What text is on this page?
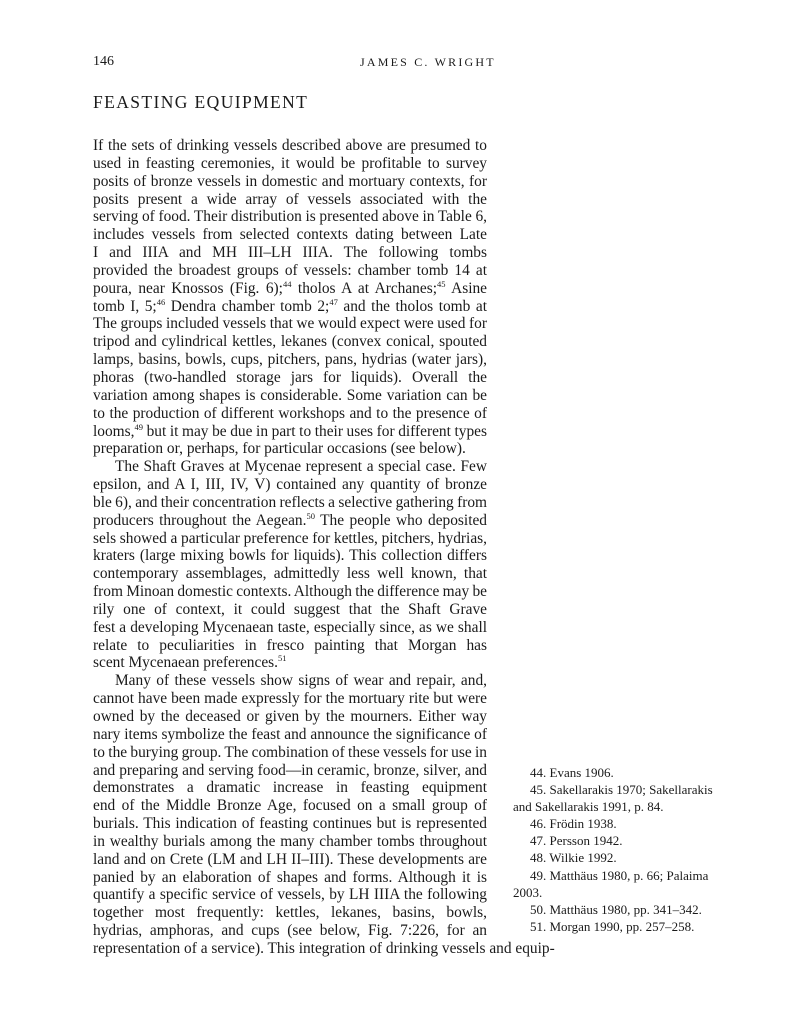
146	JAMES C. WRIGHT
FEASTING EQUIPMENT
If the sets of drinking vessels described above are presumed to
used in feasting ceremonies, it would be profitable to survey
posits of bronze vessels in domestic and mortuary contexts, for
posits present a wide array of vessels associated with the
serving of food. Their distribution is presented above in Table 6,
includes vessels from selected contexts dating between Late
I and IIIA and MH III–LH IIIA. The following tombs
provided the broadest groups of vessels: chamber tomb 14 at
poura, near Knossos (Fig. 6);$^{44}$ tholos A at Archanes;$^{45}$ Asine
tomb I, 5;$^{46}$ Dendra chamber tomb 2;$^{47}$ and the tholos tomb at
The groups included vessels that we would expect were used for
tripod and cylindrical kettles, lekanes (convex conical, spouted
lamps, basins, bowls, cups, pitchers, pans, hydrias (water jars),
phoras (two-handled storage jars for liquids). Overall the
variation among shapes is considerable. Some variation can be
to the production of different workshops and to the presence of
looms,$^{49}$ but it may be due in part to their uses for different types
preparation or, perhaps, for particular occasions (see below).
The Shaft Graves at Mycenae represent a special case. Few
epsilon, and A I, III, IV, V) contained any quantity of bronze
ble 6), and their concentration reflects a selective gathering from
producers throughout the Aegean.$^{50}$ The people who deposited
sels showed a particular preference for kettles, pitchers, hydrias,
kraters (large mixing bowls for liquids). This collection differs
contemporary assemblages, admittedly less well known, that
from Minoan domestic contexts. Although the difference may be
rily one of context, it could suggest that the Shaft Grave
fest a developing Mycenaean taste, especially since, as we shall
relate to peculiarities in fresco painting that Morgan has
scent Mycenaean preferences.$^{51}$
Many of these vessels show signs of wear and repair, and,
cannot have been made expressly for the mortuary rite but were
owned by the deceased or given by the mourners. Either way
nary items symbolize the feast and announce the significance of
to the burying group. The combination of these vessels for use in
and preparing and serving food—in ceramic, bronze, silver, and
demonstrates a dramatic increase in feasting equipment
end of the Middle Bronze Age, focused on a small group of
burials. This indication of feasting continues but is represented
in wealthy burials among the many chamber tombs throughout
land and on Crete (LM and LH II–III). These developments are
panied by an elaboration of shapes and forms. Although it is
quantify a specific service of vessels, by LH IIIA the following
together most frequently: kettles, lekanes, basins, bowls,
hydrias, amphoras, and cups (see below, Fig. 7:226, for an
representation of a service). This integration of drinking vessels and equip-
44. Evans 1906.
45. Sakellarakis 1970; Sakellarakis
and Sakellarakis 1991, p. 84.
46. Frödin 1938.
47. Persson 1942.
48. Wilkie 1992.
49. Matthäus 1980, p. 66; Palaima
2003.
50. Matthäus 1980, pp. 341–342.
51. Morgan 1990, pp. 257–258.
